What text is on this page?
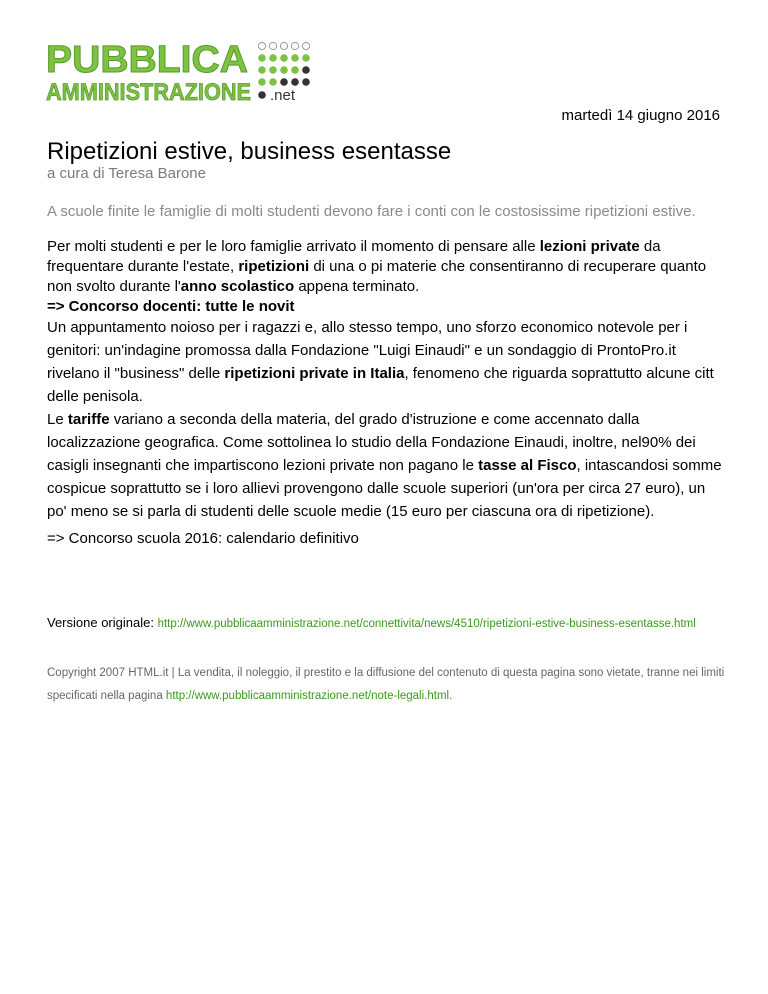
PUBBLICA
AMMINISTRAZIONE .net
martedì 14 giugno 2016
Ripetizioni estive, business esentasse
a cura di Teresa Barone
A scuole finite le famiglie di molti studenti devono fare i conti con le costosissime ripetizioni estive.
Per molti studenti e per le loro famiglie arrivato il momento di pensare alle lezioni private da frequentare durante l'estate, ripetizioni di una o pi materie che consentiranno di recuperare quanto non svolto durante l'anno scolastico appena terminato.
=> Concorso docenti: tutte le novit
Un appuntamento noioso per i ragazzi e, allo stesso tempo, uno sforzo economico notevole per i genitori: un'indagine promossa dalla Fondazione "Luigi Einaudi" e un sondaggio di ProntoPro.it rivelano il "business" delle ripetizioni private in Italia, fenomeno che riguarda soprattutto alcune citt delle penisola.
Le tariffe variano a seconda della materia, del grado d'istruzione e come accennato dalla localizzazione geografica. Come sottolinea lo studio della Fondazione Einaudi, inoltre, nel90% dei casigli insegnanti che impartiscono lezioni private non pagano le tasse al Fisco, intascandosi somme cospicue soprattutto se i loro allievi provengono dalle scuole superiori (un'ora per circa 27 euro), un po' meno se si parla di studenti delle scuole medie (15 euro per ciascuna ora di ripetizione).
=> Concorso scuola 2016: calendario definitivo
Versione originale: http://www.pubblicaamministrazione.net/connettivita/news/4510/ripetizioni-estive-business-esentasse.html
Copyright 2007 HTML.it | La vendita, il noleggio, il prestito e la diffusione del contenuto di questa pagina sono vietate, tranne nei limiti specificati nella pagina http://www.pubblicaamministrazione.net/note-legali.html.
